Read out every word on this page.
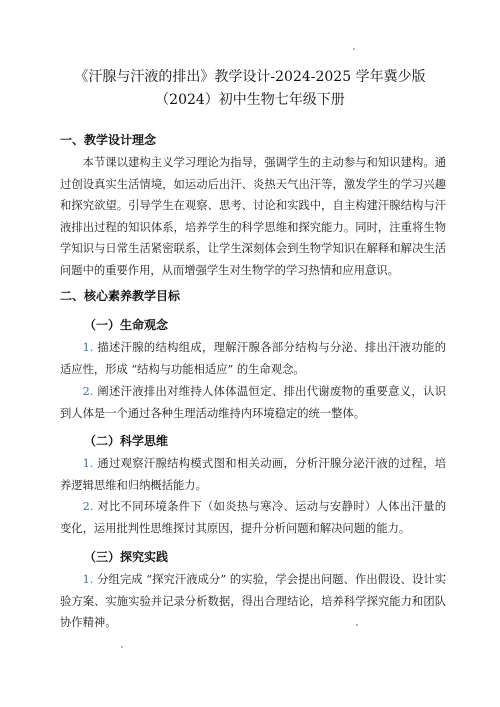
《汗腺与汗液的排出》教学设计-2024-2025 学年冀少版（2024）初中生物七年级下册
一、教学设计理念

本节课以建构主义学习理论为指导，强调学生的主动参与和知识建构。通过创设真实生活情境，如运动后出汗、炎热天气出汗等，激发学生的学习兴趣和探究欲望。引导学生在观察、思考、讨论和实践中，自主构建汗腺结构与汗液排出过程的知识体系，培养学生的科学思维和探究能力。同时，注重将生物学知识与日常生活紧密联系，让学生深刻体会到生物学知识在解释和解决生活问题中的重要作用，从而增强学生对生物学的学习热情和应用意识。

二、核心素养教学目标
（一）生命观念

1. 描述汗腺的结构组成，理解汗腺各部分结构与分泌、排出汗液功能的适应性，形成 “结构与功能相适应” 的生命观念。

2. 阐述汗液排出对维持人体体温恒定、排出代谢废物的重要意义，认识到人体是一个通过各种生理活动维持内环境稳定的统一整体。

（二）科学思维

1. 通过观察汗腺结构模式图和相关动画，分析汗腺分泌汗液的过程，培养逻辑思维和归纳概括能力。

2. 对比不同环境条件下（如炎热与寒冷、运动与安静时）人体出汗量的变化，运用批判性思维探讨其原因，提升分析问题和解决问题的能力。

（三）探究实践

1. 分组完成 “探究汗液成分” 的实验，学会提出问题、作出假设、设计实验方案、实施实验并记录分析数据，得出合理结论，培养科学探究能力和团队协作精神。
